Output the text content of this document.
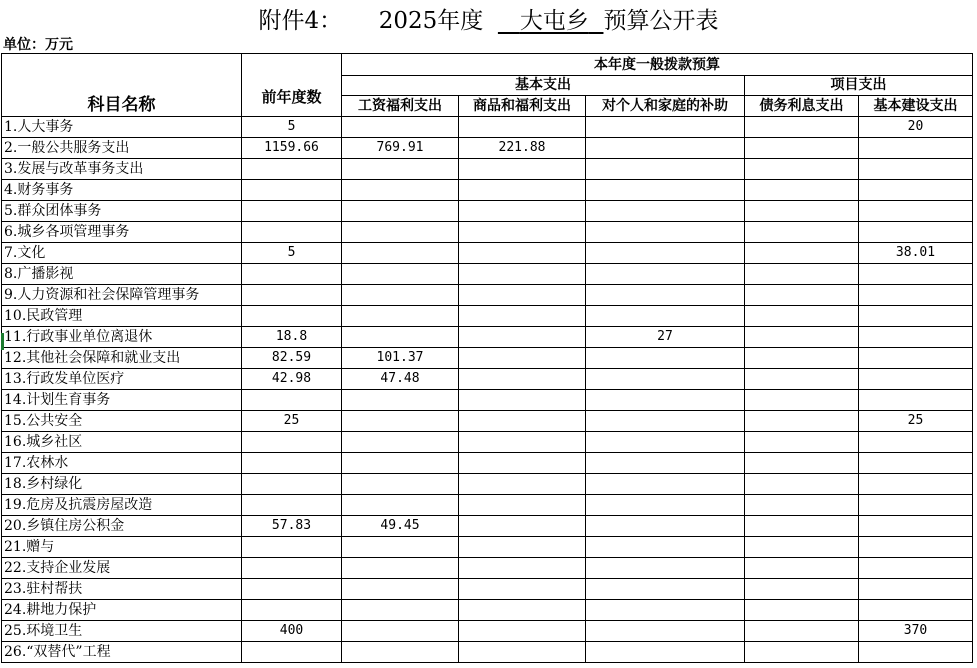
附件4：
2025年度
	大屯乡 预算公开表
单位：万元
科目名称	前年度数	本年度一般拨款预算				
		基本支出			项目支出	
		工资福利支出	商品和福利支出	对个人和家庭的补助	债务利息支出	基本建设支出
1.人大事务	5					20
2.一般公共服务支出	1159.66	769.91	221.88			
3.发展与改革事务支出						
4.财务事务						
5.群众团体事务						
6.城乡各项管理事务						
7.文化	5					38.01
8.广播影视						
9.人力资源和社会保障管理事务						
10.民政管理						
11.行政事业单位离退休	18.8			27		
12.其他社会保障和就业支出	82.59	101.37				
13.行政发单位医疗	42.98	47.48				
14.计划生育事务						
15.公共安全	25					25
16.城乡社区						
17.农林水						
18.乡村绿化						
19.危房及抗震房屋改造						
20.乡镇住房公积金	57.83	49.45				
21.赠与						
22.支持企业发展						
23.驻村帮扶						
24.耕地力保护						
25.环境卫生	400					370
26.“双替代”工程						
